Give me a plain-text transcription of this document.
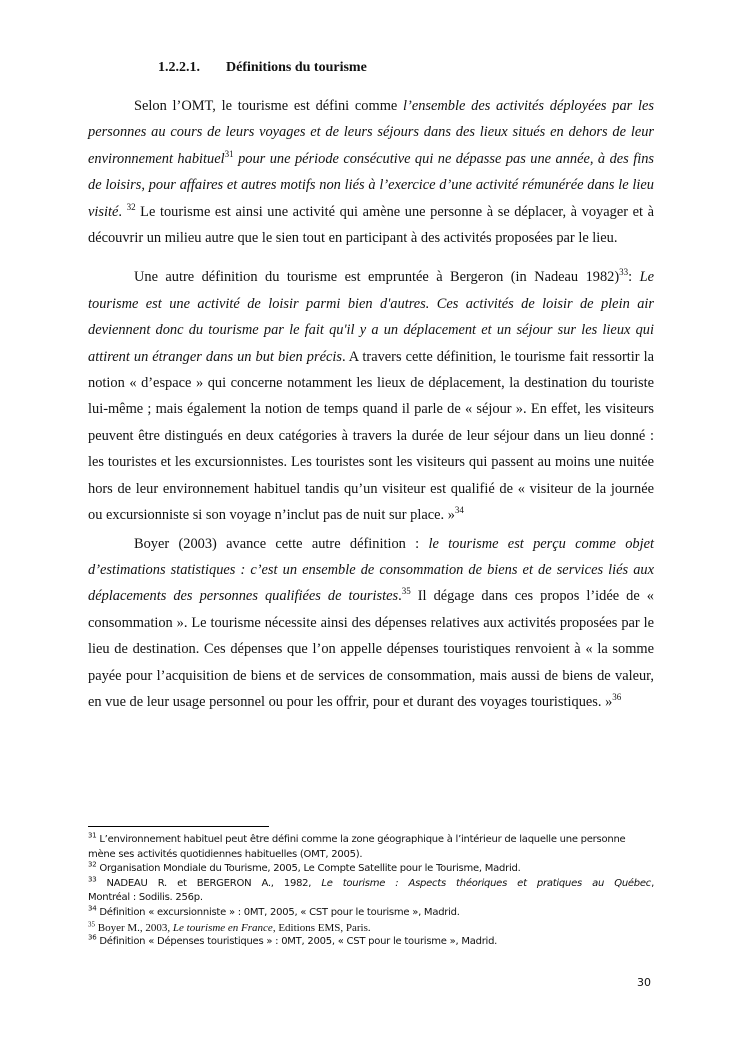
1.2.2.1. Définitions du tourisme

Selon l’OMT, le tourisme est défini comme l’ensemble des activités déployées par les personnes au cours de leurs voyages et de leurs séjours dans des lieux situés en dehors de leur environnement habituel$^{31}$ pour une période consécutive qui ne dépasse pas une année, à des fins de loisirs, pour affaires et autres motifs non liés à l’exercice d’une activité rémunérée dans le lieu visité. $^{32}$ Le tourisme est ainsi une activité qui amène une personne à se déplacer, à voyager et à découvrir un milieu autre que le sien tout en participant à des activités proposées par le lieu.

Une autre définition du tourisme est empruntée à Bergeron (in Nadeau 1982)$^{33}$: Le tourisme est une activité de loisir parmi bien d'autres. Ces activités de loisir de plein air deviennent donc du tourisme par le fait qu'il y a un déplacement et un séjour sur les lieux qui attirent un étranger dans un but bien précis. A travers cette définition, le tourisme fait ressortir la notion « d’espace » qui concerne notamment les lieux de déplacement, la destination du touriste lui-même ; mais également la notion de temps quand il parle de « séjour ». En effet, les visiteurs peuvent être distingués en deux catégories à travers la durée de leur séjour dans un lieu donné : les touristes et les excursionnistes. Les touristes sont les visiteurs qui passent au moins une nuitée hors de leur environnement habituel tandis qu’un visiteur est qualifié de « visiteur de la journée ou excursionniste si son voyage n’inclut pas de nuit sur place. »$^{34}$

Boyer (2003) avance cette autre définition : le tourisme est perçu comme objet d’estimations statistiques : c’est un ensemble de consommation de biens et de services liés aux déplacements des personnes qualifiées de touristes.$^{35}$ Il dégage dans ces propos l’idée de « consommation ». Le tourisme nécessite ainsi des dépenses relatives aux activités proposées par le lieu de destination. Ces dépenses que l’on appelle dépenses touristiques renvoient à « la somme payée pour l’acquisition de biens et de services de consommation, mais aussi de biens de valeur, en vue de leur usage personnel ou pour les offrir, pour et durant des voyages touristiques. »$^{36}$

$^{31}$ L’environnement habituel peut être défini comme la zone géographique à l’intérieur de laquelle une personne mène ses activités quotidiennes habituelles (OMT, 2005).

$^{32}$ Organisation Mondiale du Tourisme, 2005, Le Compte Satellite pour le Tourisme, Madrid.

$^{33}$ NADEAU R. et BERGERON A., 1982, Le tourisme : Aspects théoriques et pratiques au Québec,

Montréal : Sodilis. 256p.

$^{34}$ Définition « excursionniste » : 0MT, 2005, « CST pour le tourisme », Madrid.

$^{35}$ Boyer M., 2003, Le tourisme en France, Editions EMS, Paris.

$^{36}$ Définition « Dépenses touristiques » : 0MT, 2005, « CST pour le tourisme », Madrid.

30
